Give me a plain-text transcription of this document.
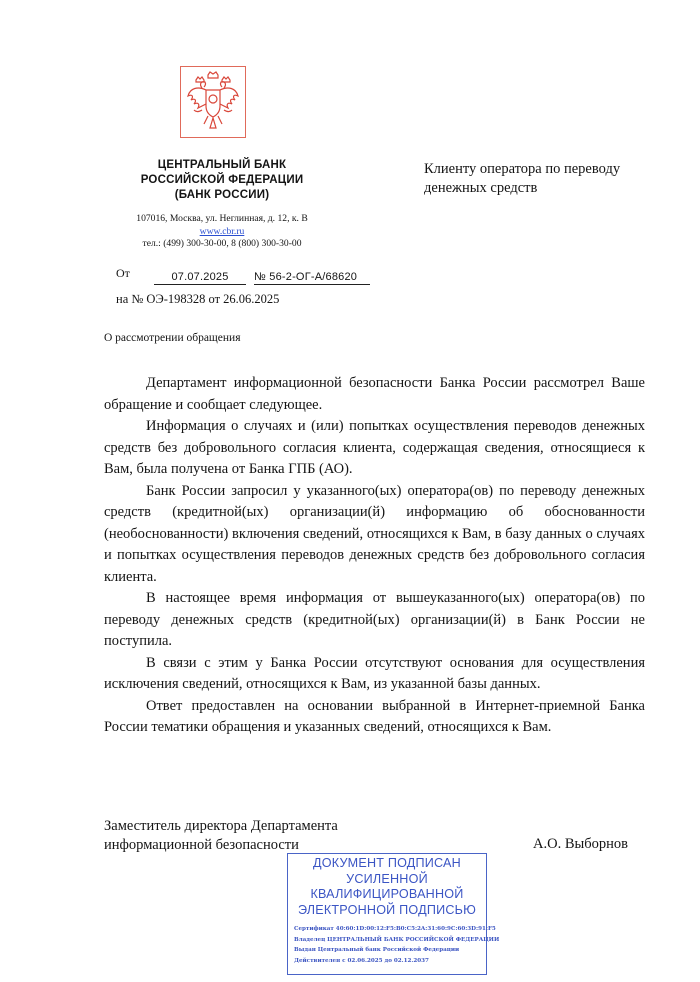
ЦЕНТРАЛЬНЫЙ БАНК
РОССИЙСКОЙ ФЕДЕРАЦИИ
(БАНК РОССИИ)
107016, Москва, ул. Неглинная, д. 12, к. В
www.cbr.ru
тел.: (499) 300-30-00, 8 (800) 300-30-00
Клиенту оператора по переводу
денежных средств
От	07.07.2025	№ 56-2-ОГ-А/68620
на № ОЭ-198328 от 26.06.2025
О рассмотрении обращения

Департамент информационной безопасности Банка России рассмотрел Ваше обращение и сообщает следующее.

Информация о случаях и (или) попытках осуществления переводов денежных средств без добровольного согласия клиента, содержащая сведения, относящиеся к Вам, была получена от Банка ГПБ (АО).

Банк России запросил у указанного(ых) оператора(ов) по переводу денежных средств (кредитной(ых) организации(й) информацию об обоснованности (необоснованности) включения сведений, относящихся к Вам, в базу данных о случаях и попытках осуществления переводов денежных средств без добровольного согласия клиента.

В настоящее время информация от вышеуказанного(ых) оператора(ов) по переводу денежных средств (кредитной(ых) организации(й) в Банк России не поступила.

В связи с этим у Банка России отсутствуют основания для осуществления исключения сведений, относящихся к Вам, из указанной базы данных.

Ответ предоставлен на основании выбранной в Интернет-приемной Банка России тематики обращения и указанных сведений, относящихся к Вам.

Заместитель директора Департамента
информационной безопасности	А.О. Выборнов
ДОКУМЕНТ ПОДПИСАН
УСИЛЕННОЙ
КВАЛИФИЦИРОВАННОЙ
ЭЛЕКТРОННОЙ ПОДПИСЬЮ
Сертификат 40:60:1D:00:12:F5:B0:C5:2A:31:60:9C:60:3D:91:F5
Владелец ЦЕНТРАЛЬНЫЙ БАНК РОССИЙСКОЙ ФЕДЕРАЦИИ
Выдан Центральный банк Российской Федерации
Действителен с 02.06.2025 до 02.12.2037
